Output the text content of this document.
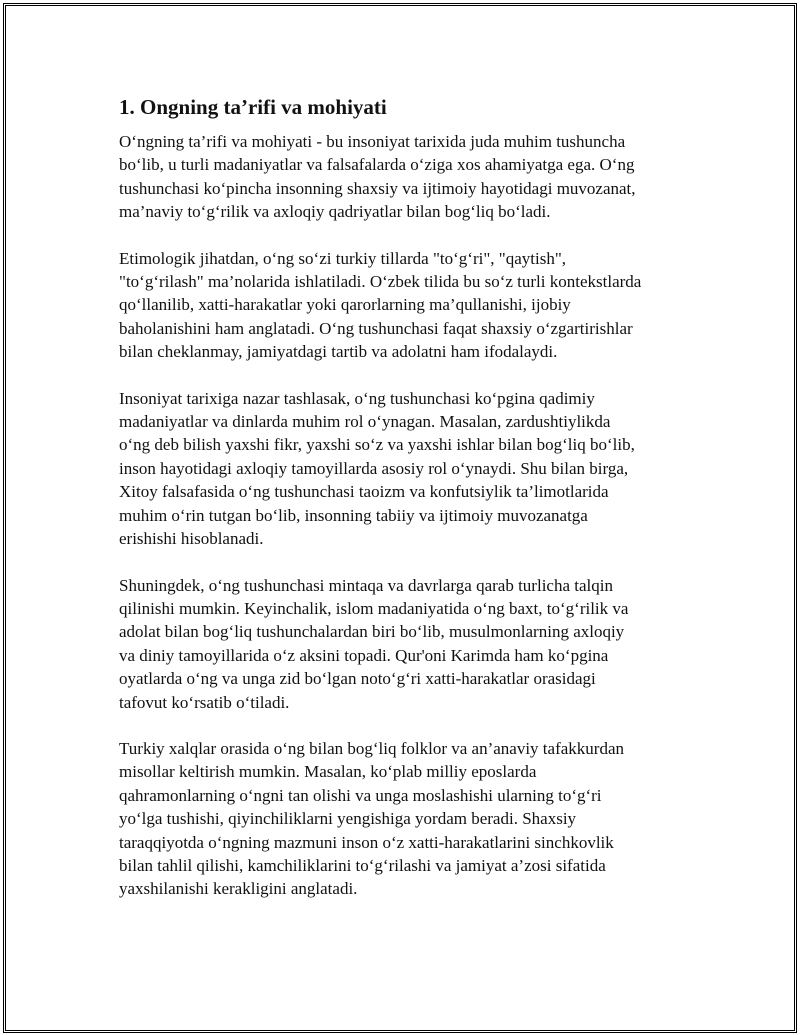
1. Ongning ta’rifi va mohiyati

O‘ngning ta’rifi va mohiyati - bu insoniyat tarixida juda muhim tushuncha
bo‘lib, u turli madaniyatlar va falsafalarda o‘ziga xos ahamiyatga ega. O‘ng
tushunchasi ko‘pincha insonning shaxsiy va ijtimoiy hayotidagi muvozanat,
ma’naviy to‘g‘rilik va axloqiy qadriyatlar bilan bog‘liq bo‘ladi.

Etimologik jihatdan, o‘ng so‘zi turkiy tillarda "to‘g‘ri", "qaytish",
"to‘g‘rilash" ma’nolarida ishlatiladi. O‘zbek tilida bu so‘z turli kontekstlarda
qo‘llanilib, xatti-harakatlar yoki qarorlarning ma’qullanishi, ijobiy
baholanishini ham anglatadi. O‘ng tushunchasi faqat shaxsiy o‘zgartirishlar
bilan cheklanmay, jamiyatdagi tartib va adolatni ham ifodalaydi.

Insoniyat tarixiga nazar tashlasak, o‘ng tushunchasi ko‘pgina qadimiy
madaniyatlar va dinlarda muhim rol o‘ynagan. Masalan, zardushtiylikda
o‘ng deb bilish yaxshi fikr, yaxshi so‘z va yaxshi ishlar bilan bog‘liq bo‘lib,
inson hayotidagi axloqiy tamoyillarda asosiy rol o‘ynaydi. Shu bilan birga,
Xitoy falsafasida o‘ng tushunchasi taoizm va konfutsiylik ta’limotlarida
muhim o‘rin tutgan bo‘lib, insonning tabiiy va ijtimoiy muvozanatga
erishishi hisoblanadi.

Shuningdek, o‘ng tushunchasi mintaqa va davrlarga qarab turlicha talqin
qilinishi mumkin. Keyinchalik, islom madaniyatida o‘ng baxt, to‘g‘rilik va
adolat bilan bog‘liq tushunchalardan biri bo‘lib, musulmonlarning axloqiy
va diniy tamoyillarida o‘z aksini topadi. Qur'oni Karimda ham ko‘pgina
oyatlarda o‘ng va unga zid bo‘lgan noto‘g‘ri xatti-harakatlar orasidagi
tafovut ko‘rsatib o‘tiladi.

Turkiy xalqlar orasida o‘ng bilan bog‘liq folklor va an’anaviy tafakkurdan
misollar keltirish mumkin. Masalan, ko‘plab milliy eposlarda
qahramonlarning o‘ngni tan olishi va unga moslashishi ularning to‘g‘ri
yo‘lga tushishi, qiyinchiliklarni yengishiga yordam beradi. Shaxsiy
taraqqiyotda o‘ngning mazmuni inson o‘z xatti-harakatlarini sinchkovlik
bilan tahlil qilishi, kamchiliklarini to‘g‘rilashi va jamiyat a’zosi sifatida
yaxshilanishi kerakligini anglatadi.
